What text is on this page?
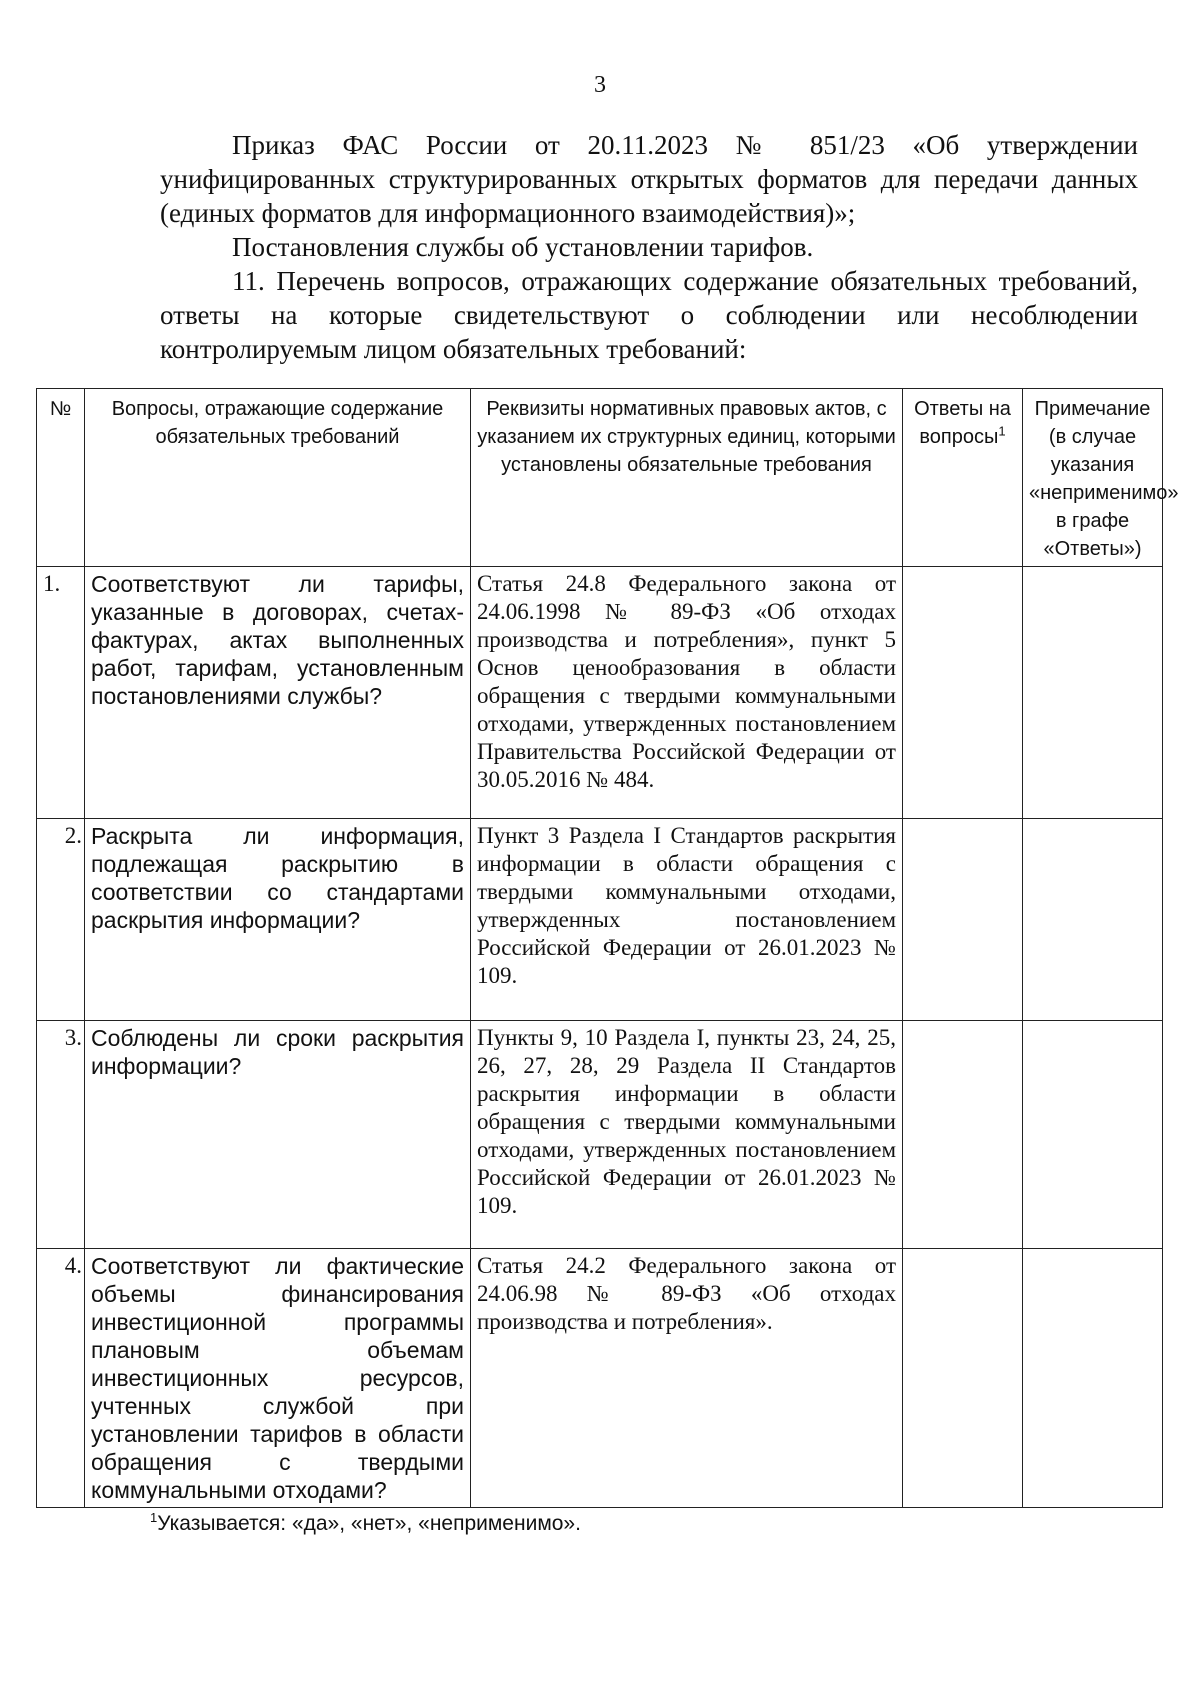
3

Приказ ФАС России от 20.11.2023 № 851/23 «Об утверждении унифицированных структурированных открытых форматов для передачи данных (единых форматов для информационного взаимодействия)»;

Постановления службы об установлении тарифов.

11. Перечень вопросов, отражающих содержание обязательных требований, ответы на которые свидетельствуют о соблюдении или несоблюдении контролируемым лицом обязательных требований:

№	Вопросы, отражающие содержание обязательных требований	Реквизиты нормативных правовых актов, с указанием их структурных единиц, которыми установлены обязательные требования	Ответы на вопросы$^1$	Примечание (в случае указания «неприменимо» в графе «Ответы»)
1.	Соответствуют ли тарифы, указанные в договорах, счетах-фактурах, актах выполненных работ, тарифам, установленным постановлениями службы?	Статья 24.8 Федерального закона от 24.06.1998 № 89-ФЗ «Об отходах производства и потребления», пункт 5 Основ ценообразования в области обращения с твердыми коммунальными отходами, утвержденных постановлением Правительства Российской Федерации от 30.05.2016 № 484.		
2.	Раскрыта ли информация, подлежащая раскрытию в соответствии со стандартами раскрытия информации?	Пункт 3 Раздела I Стандартов раскрытия информации в области обращения с твердыми коммунальными отходами, утвержденных постановлением Российской Федерации от 26.01.2023 № 109.		
3.	Соблюдены ли сроки раскрытия информации?	Пункты 9, 10 Раздела I, пункты 23, 24, 25, 26, 27, 28, 29 Раздела II Стандартов раскрытия информации в области обращения с твердыми коммунальными отходами, утвержденных постановлением Российской Федерации от 26.01.2023 № 109.		
4.	Соответствуют ли фактические объемы финансирования инвестиционной программы плановым объемам инвестиционных ресурсов, учтенных службой при установлении тарифов в области обращения с твердыми коммунальными отходами?	Статья 24.2 Федерального закона от 24.06.98 № 89-ФЗ «Об отходах производства и потребления».		
$^1$Указывается: «да», «нет», «неприменимо».
